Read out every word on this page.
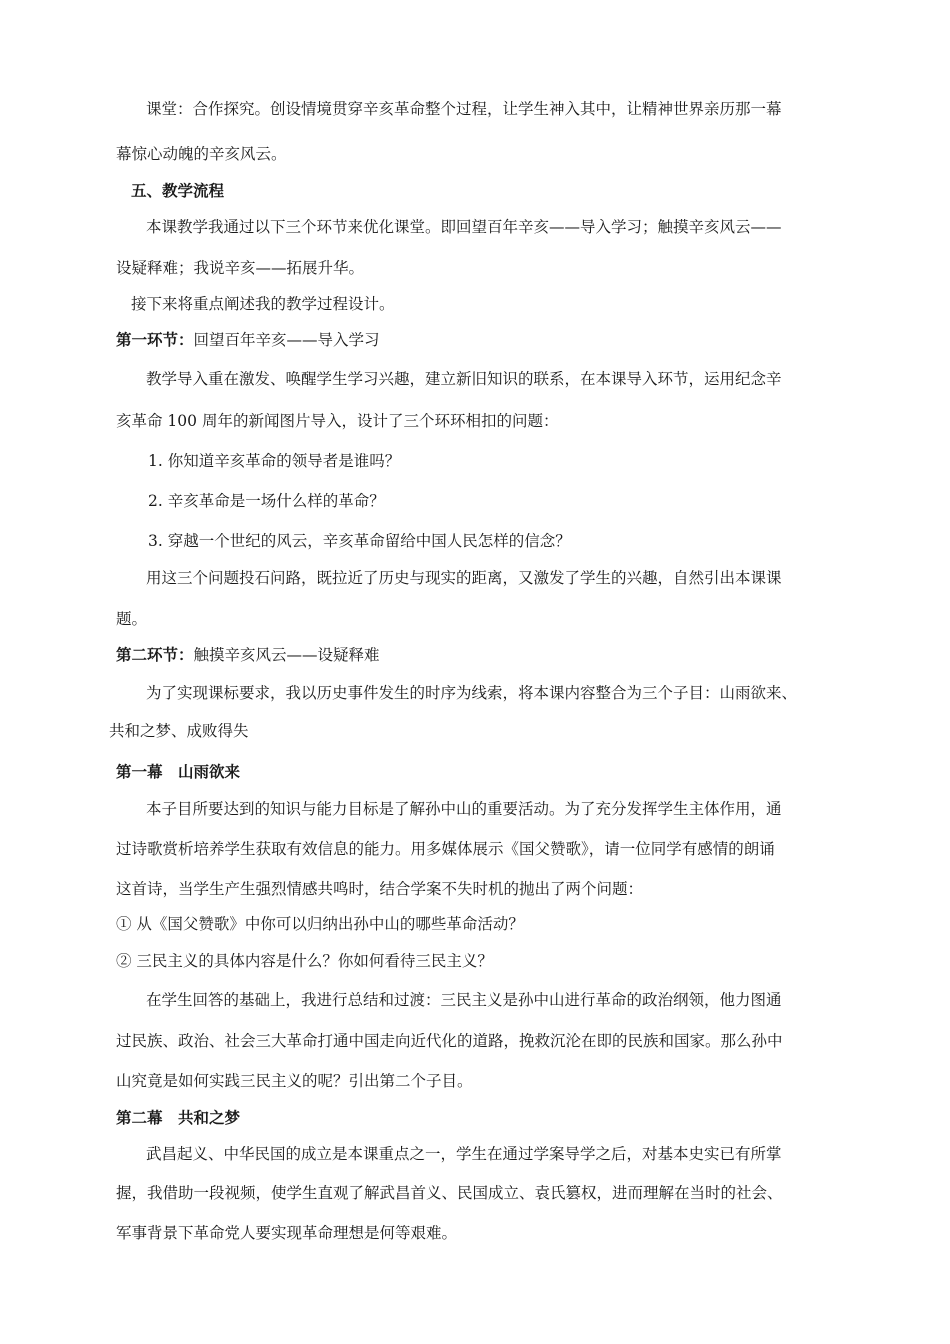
课堂：合作探究。创设情境贯穿辛亥革命整个过程，让学生神入其中，让精神世界亲历那一幕
幕惊心动魄的辛亥风云。
五、教学流程
本课教学我通过以下三个环节来优化课堂。即回望百年辛亥——导入学习；触摸辛亥风云——
设疑释难；我说辛亥——拓展升华。
接下来将重点阐述我的教学过程设计。
第一环节：回望百年辛亥——导入学习
教学导入重在激发、唤醒学生学习兴趣，建立新旧知识的联系，在本课导入环节，运用纪念辛
亥革命 100 周年的新闻图片导入，设计了三个环环相扣的问题：
1. 你知道辛亥革命的领导者是谁吗？
2. 辛亥革命是一场什么样的革命？
3. 穿越一个世纪的风云，辛亥革命留给中国人民怎样的信念？
用这三个问题投石问路，既拉近了历史与现实的距离，又激发了学生的兴趣，自然引出本课课
题。
第二环节：触摸辛亥风云——设疑释难
为了实现课标要求，我以历史事件发生的时序为线索，将本课内容整合为三个子目：山雨欲来、
共和之梦、成败得失
第一幕　山雨欲来
本子目所要达到的知识与能力目标是了解孙中山的重要活动。为了充分发挥学生主体作用，通
过诗歌赏析培养学生获取有效信息的能力。用多媒体展示《国父赞歌》，请一位同学有感情的朗诵
这首诗，当学生产生强烈情感共鸣时，结合学案不失时机的抛出了两个问题：
① 从《国父赞歌》中你可以归纳出孙中山的哪些革命活动？
② 三民主义的具体内容是什么？你如何看待三民主义？
在学生回答的基础上，我进行总结和过渡：三民主义是孙中山进行革命的政治纲领，他力图通
过民族、政治、社会三大革命打通中国走向近代化的道路，挽救沉沦在即的民族和国家。那么孙中
山究竟是如何实践三民主义的呢？引出第二个子目。
第二幕　共和之梦
武昌起义、中华民国的成立是本课重点之一，学生在通过学案导学之后，对基本史实已有所掌
握，我借助一段视频，使学生直观了解武昌首义、民国成立、袁氏篡权，进而理解在当时的社会、
军事背景下革命党人要实现革命理想是何等艰难。
